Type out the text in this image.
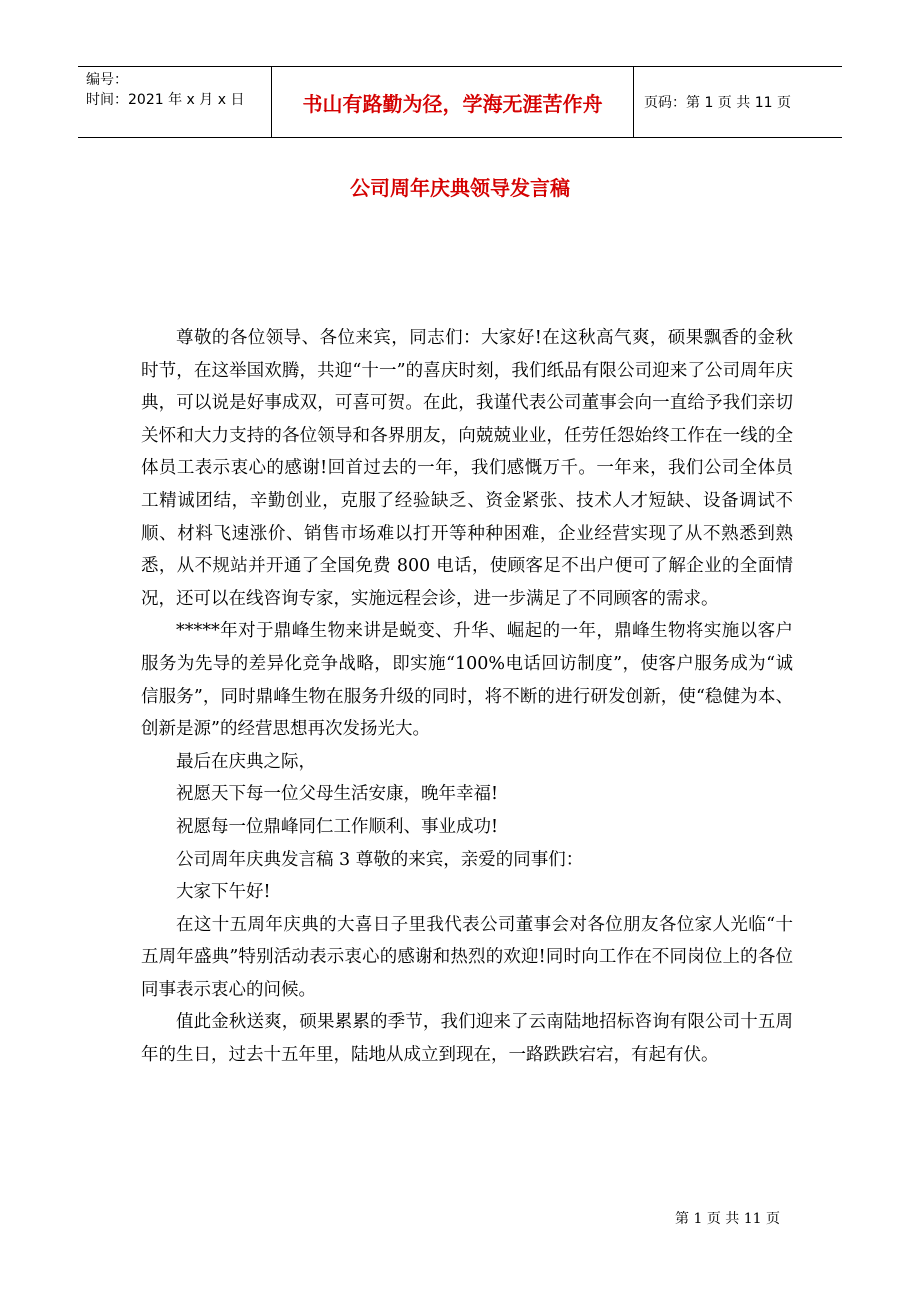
编号：
时间：2021 年 x 月 x 日	书山有路勤为径，学海无涯苦作舟	页码：第 1 页 共 11 页
公司周年庆典领导发言稿

尊敬的各位领导、各位来宾，同志们：大家好!在这秋高气爽，硕果飘香的金秋时节，在这举国欢腾，共迎“十一”的喜庆时刻，我们纸品有限公司迎来了公司周年庆典，可以说是好事成双，可喜可贺。在此，我谨代表公司董事会向一直给予我们亲切关怀和大力支持的各位领导和各界朋友，向兢兢业业，任劳任怨始终工作在一线的全体员工表示衷心的感谢!回首过去的一年，我们感慨万千。一年来，我们公司全体员工精诚团结，辛勤创业，克服了经验缺乏、资金紧张、技术人才短缺、设备调试不顺、材料飞速涨价、销售市场难以打开等种种困难，企业经营实现了从不熟悉到熟悉，从不规站并开通了全国免费 800 电话，使顾客足不出户便可了解企业的全面情况，还可以在线咨询专家，实施远程会诊，进一步满足了不同顾客的需求。

*****年对于鼎峰生物来讲是蜕变、升华、崛起的一年，鼎峰生物将实施以客户服务为先导的差异化竞争战略，即实施“100%电话回访制度”，使客户服务成为“诚信服务”，同时鼎峰生物在服务升级的同时，将不断的进行研发创新，使“稳健为本、创新是源”的经营思想再次发扬光大。

最后在庆典之际，

祝愿天下每一位父母生活安康，晚年幸福!

祝愿每一位鼎峰同仁工作顺利、事业成功!

公司周年庆典发言稿 3 尊敬的来宾，亲爱的同事们：

大家下午好!

在这十五周年庆典的大喜日子里我代表公司董事会对各位朋友各位家人光临“十五周年盛典”特别活动表示衷心的感谢和热烈的欢迎!同时向工作在不同岗位上的各位同事表示衷心的问候。

值此金秋送爽，硕果累累的季节，我们迎来了云南陆地招标咨询有限公司十五周年的生日，过去十五年里，陆地从成立到现在，一路跌跌宕宕，有起有伏。

第 1 页 共 11 页
